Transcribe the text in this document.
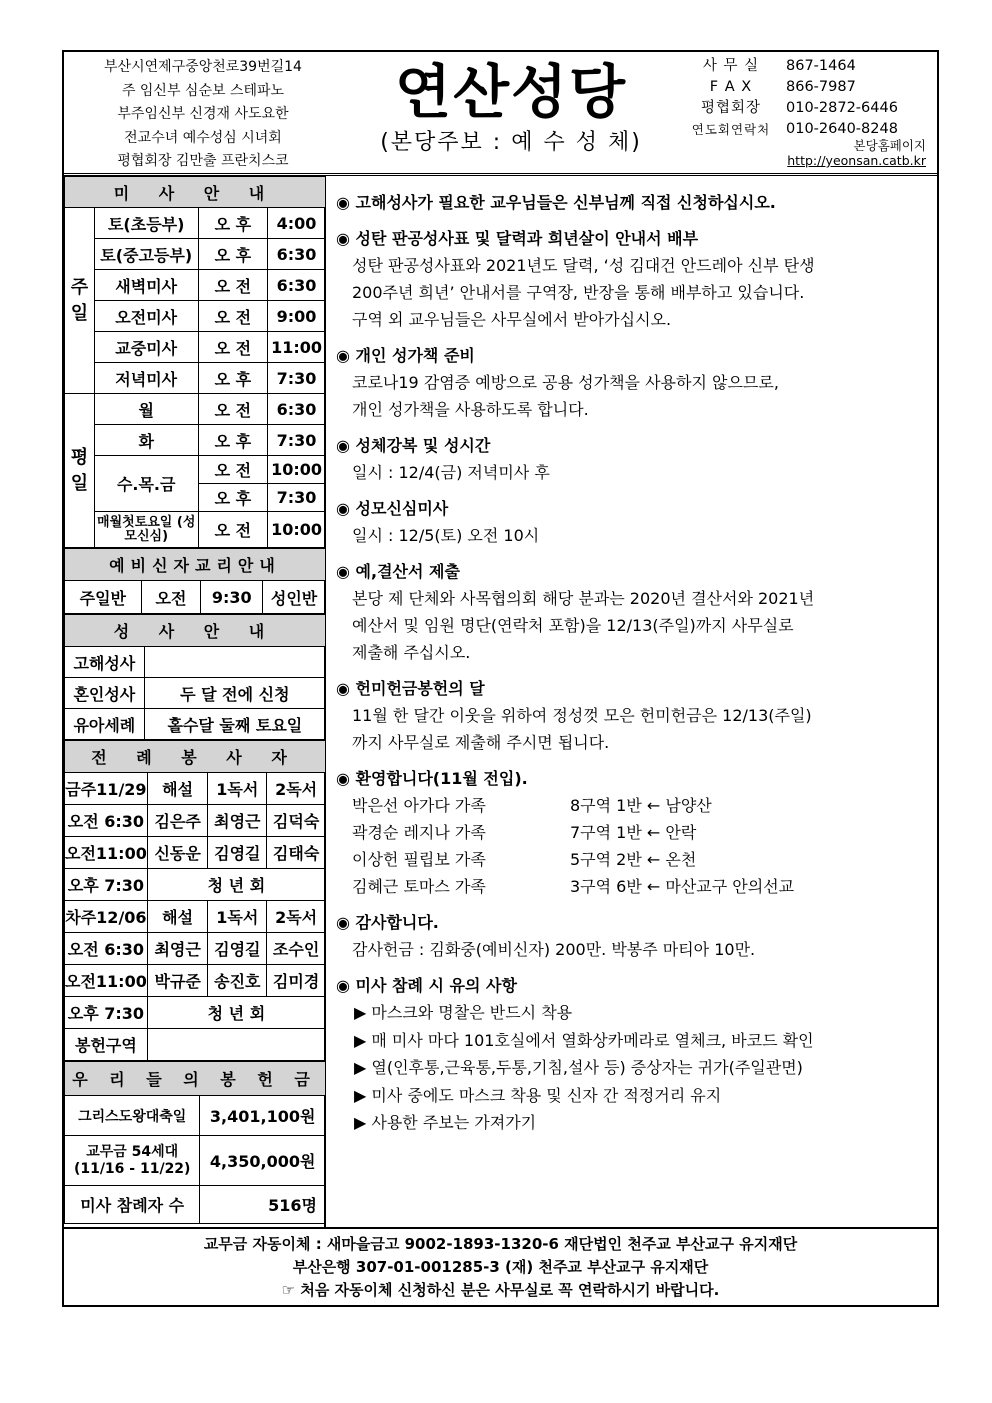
부산시연제구중앙천로39번길14
주 임신부 심순보 스테파노
부주임신부 신경재 사도요한
전교수녀 예수성심 시녀회
평협회장 김만출 프란치스코
연산성당
(본당주보 : 예 수 성 체)
사 무 실	867-1464
F A X	866-7987
평협회장	010-2872-6446
연도회연락처	010-2640-8248
본당홈페이지
http://yeonsan.catb.kr
미 사 안 내			
주 일	토(초등부)	오 후	4:00
	토(중고등부)	오 후	6:30
	새벽미사	오 전	6:30
	오전미사	오 전	9:00
	교중미사	오 전	11:00
	저녁미사	오 후	7:30
평 일	월	오 전	6:30
	화	오 후	7:30
	수.목.금	오 전	10:00
		오 후	7:30
	매월첫토요일 (성모신심)	오 전	10:00
예비신자교리안내
주일반	오전	9:30	성인반
성 사 안 내	
고해성사	
혼인성사	두 달 전에 신청
유아세례	홀수달 둘째 토요일
전 례 봉 사 자			
금주11/29	해설	1독서	2독서
오전 6:30	김은주	최영근	김덕숙
오전11:00	신동운	김영길	김태숙
오후 7:30	청 년 회		
차주12/06	해설	1독서	2독서
오전 6:30	최영근	김영길	조수인
오전11:00	박규준	송진호	김미경
오후 7:30	청 년 회		
봉헌구역			
우 리 들 의 봉 헌 금	
그리스도왕대축일	3,401,100원
교무금 54세대 (11/16 - 11/22)	4,350,000원
미사 참례자 수	516명
◉ 고해성사가 필요한 교우님들은 신부님께 직접 신청하십시오.
◉ 성탄 판공성사표 및 달력과 희년살이 안내서 배부
성탄 판공성사표와 2021년도 달력, ‘성 김대건 안드레아 신부 탄생
200주년 희년’ 안내서를 구역장, 반장을 통해 배부하고 있습니다.
구역 외 교우님들은 사무실에서 받아가십시오.
◉ 개인 성가책 준비
코로나19 감염증 예방으로 공용 성가책을 사용하지 않으므로,
개인 성가책을 사용하도록 합니다.
◉ 성체강복 및 성시간
일시 : 12/4(금) 저녁미사 후
◉ 성모신심미사
일시 : 12/5(토) 오전 10시
◉ 예,결산서 제출
본당 제 단체와 사목협의회 해당 분과는 2020년 결산서와 2021년
예산서 및 임원 명단(연락처 포함)을 12/13(주일)까지 사무실로
제출해 주십시오.
◉ 헌미헌금봉헌의 달
11월 한 달간 이웃을 위하여 정성껏 모은 헌미헌금은 12/13(주일)
까지 사무실로 제출해 주시면 됩니다.
◉ 환영합니다(11월 전입).
박은선 아가다 가족	8구역 1반 ← 남양산
곽경순 레지나 가족	7구역 1반 ← 안락
이상헌 필립보 가족	5구역 2반 ← 온천
김혜근 토마스 가족	3구역 6반 ← 마산교구 안의선교
◉ 감사합니다.
감사헌금 : 김화중(예비신자) 200만. 박봉주 마티아 10만.
◉ 미사 참례 시 유의 사항
▶ 마스크와 명찰은 반드시 착용
▶ 매 미사 마다 101호실에서 열화상카메라로 열체크, 바코드 확인
▶ 열(인후통,근육통,두통,기침,설사 등) 증상자는 귀가(주일관면)
▶ 미사 중에도 마스크 착용 및 신자 간 적정거리 유지
▶ 사용한 주보는 가져가기
교무금 자동이체 : 새마을금고 9002-1893-1320-6 재단법인 천주교 부산교구 유지재단
부산은행 307-01-001285-3 (재) 천주교 부산교구 유지재단
☞ 처음 자동이체 신청하신 분은 사무실로 꼭 연락하시기 바랍니다.
